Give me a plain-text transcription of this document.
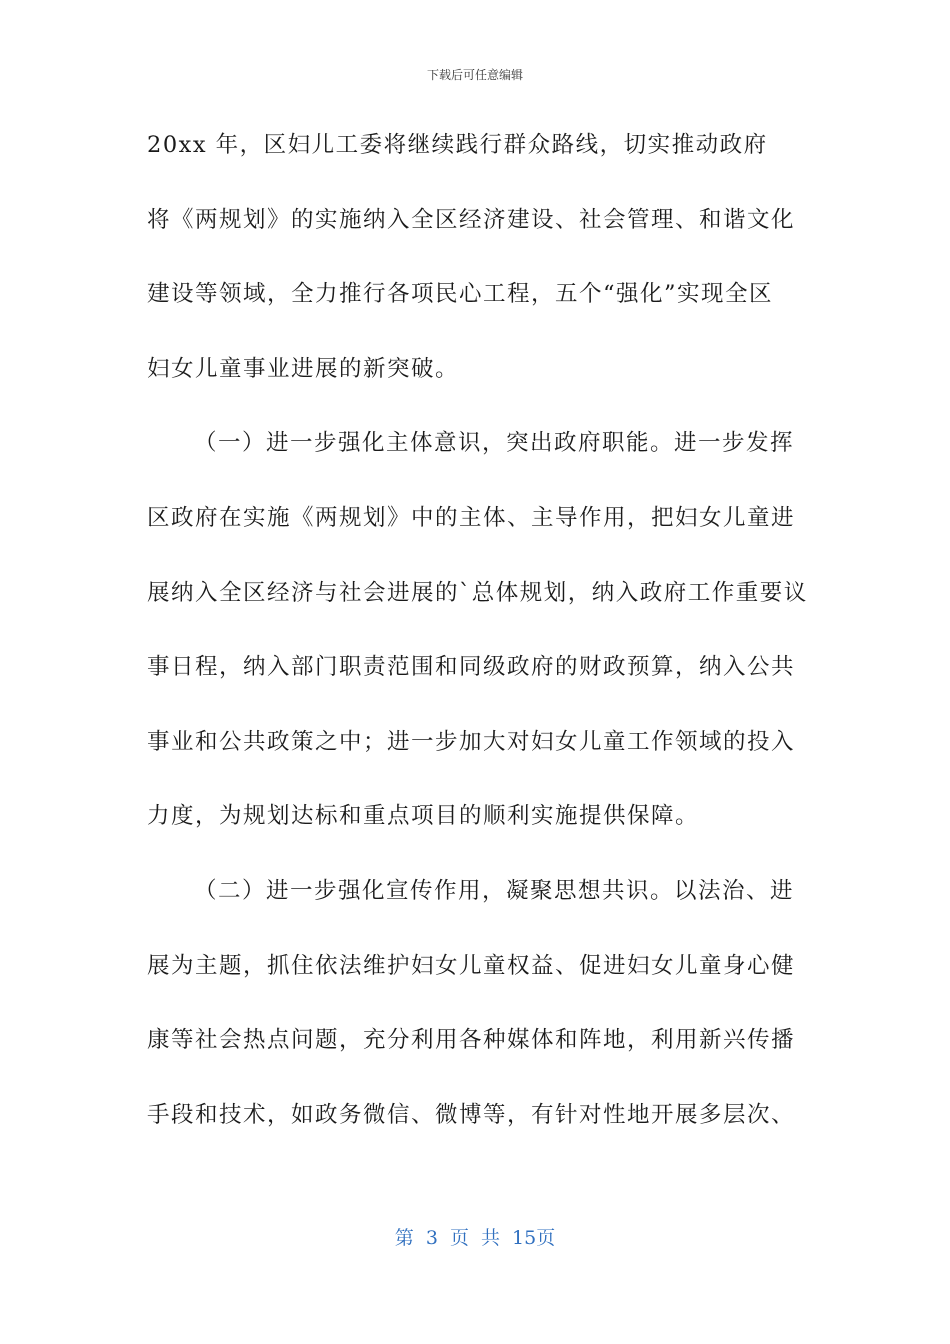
下载后可任意编辑
20xx 年，区妇儿工委将继续践行群众路线，切实推动政府
将《两规划》的实施纳入全区经济建设、社会管理、和谐文化
建设等领域，全力推行各项民心工程，五个“强化”实现全区
妇女儿童事业进展的新突破。
（一）进一步强化主体意识，突出政府职能。进一步发挥
区政府在实施《两规划》中的主体、主导作用，把妇女儿童进
展纳入全区经济与社会进展的`总体规划，纳入政府工作重要议
事日程，纳入部门职责范围和同级政府的财政预算，纳入公共
事业和公共政策之中；进一步加大对妇女儿童工作领域的投入
力度，为规划达标和重点项目的顺利实施提供保障。
（二）进一步强化宣传作用，凝聚思想共识。以法治、进
展为主题，抓住依法维护妇女儿童权益、促进妇女儿童身心健
康等社会热点问题，充分利用各种媒体和阵地，利用新兴传播
手段和技术，如政务微信、微博等，有针对性地开展多层次、
第 3 页 共 15页
